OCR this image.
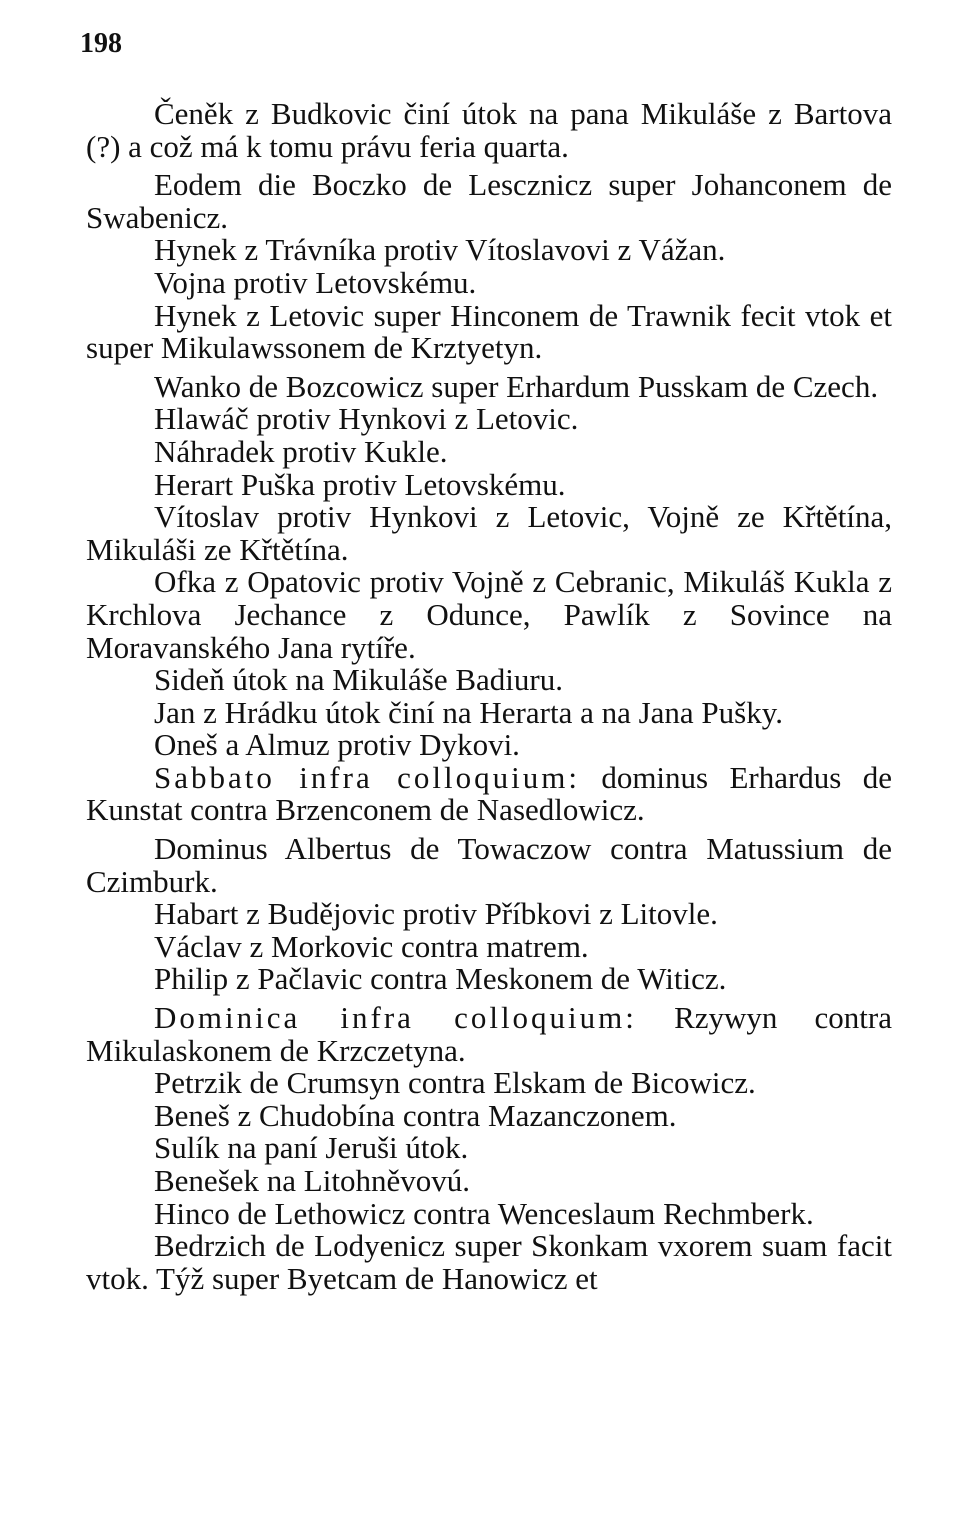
198

Čeněk z Budkovic činí útok na pana Mikuláše z Bartova (?) a což má k tomu právu feria quarta.

Eodem die Boczko de Lescznicz super Johanconem de Swabenicz.

Hynek z Trávníka protiv Vítoslavovi z Vážan.

Vojna protiv Letovskému.

Hynek z Letovic super Hinconem de Trawnik fecit vtok et super Mikulawssonem de Krztyetyn.

Wanko de Bozcowicz super Erhardum Pusskam de Czech.

Hlawáč protiv Hynkovi z Letovic.

Náhradek protiv Kukle.

Herart Puška protiv Letovskému.

Vítoslav protiv Hynkovi z Letovic, Vojně ze Křtětína, Mikuláši ze Křtětína.

Ofka z Opatovic protiv Vojně z Cebranic, Mikuláš Kukla z Krchlova Jechance z Odunce, Pawlík z Sovince na Moravanského Jana rytíře.

Sideň útok na Mikuláše Badiuru.

Jan z Hrádku útok činí na Herarta a na Jana Pušky.

Oneš a Almuz protiv Dykovi.

Sabbato infra colloquium: dominus Erhardus de Kunstat contra Brzenconem de Nasedlowicz.

Dominus Albertus de Towaczow contra Matussium de Czimburk.

Habart z Budějovic protiv Příbkovi z Litovle.

Václav z Morkovic contra matrem.

Philip z Pačlavic contra Meskonem de Witicz.

Dominica infra colloquium: Rzywyn contra Mikulaskonem de Krzczetyna.

Petrzik de Crumsyn contra Elskam de Bicowicz.

Beneš z Chudobína contra Mazanczonem.

Sulík na paní Jeruši útok.

Benešek na Litohněvovú.

Hinco de Lethowicz contra Wenceslaum Rechmberk.

Bedrzich de Lodyenicz super Skonkam vxorem suam facit vtok. Týž super Byetcam de Hanowicz et
